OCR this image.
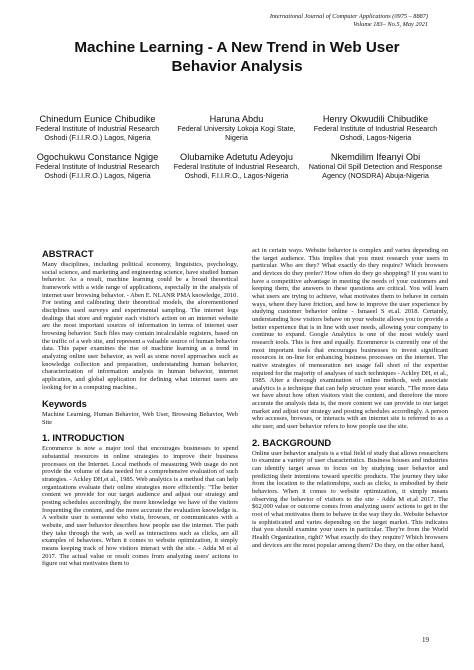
International Journal of Computer Applications (0975 – 8887)
Volume 183– No.5, May 2021
Machine Learning - A New Trend in Web User Behavior Analysis
Chinedum Eunice Chibudike
Federal Institute of Industrial Research Oshodi (F.I.I.R.O.) Lagos, Nigeria
Haruna Abdu
Federal University Lokoja Kogi State, Nigeria
Henry Okwudili Chibudike
Federal Institute of Industrial Research Oshodi, Lagos-Nigeria
Ogochukwu Constance Ngige
Federal Institute of Industrial Research Oshodi (F.I.I.R.O.) Lagos, Nigeria
Olubamike Adetutu Adeyoju
Federal Institute of Industrial Research, Oshodi, F.I.I.R.O., Lagos-Nigeria
Nkemdilim Ifeanyi Obi
National Oil Spill Detection and Response Agency (NOSDRA) Abuja-Nigeria
ABSTRACT

Many disciplines, including political economy, linguistics, psychology, social science, and marketing and engineering science, have studied human behavior. As a result, machine learning could be a broad theoretical framework with a wide range of applications, especially in the analysis of internet user browsing behavior. - Aben E. NLANR PMA knowledge, 2010. For testing and calibrating their theoretical models, the aforementioned disciplines used surveys and experimental sampling. The internet logs dealings that store and register each visitor's action on an internet website are the most important sources of information in terms of internet user browsing behavior. Such files may contain incalculable registers, based on the traffic of a web site, and represent a valuable source of human behavior data. This paper examines the rise of machine learning as a trend in analyzing online user behavior, as well as some novel approaches such as knowledge collection and preparation, understanding human behavior, characterization of information analysis in human behavior, internet application, and global application for defining what internet users are looking for in a computing machine..

Keywords

Machine Learning, Human Behavior, Web User, Browsing Behavior, Web Site

1. INTRODUCTION

Ecommerce is now a major tool that encourages businesses to spend substantial resources in online strategies to improve their business processes on the Internet. Local methods of measuring Web usage do not provide the volume of data needed for a comprehensive evaluation of such strategies. - Ackley DH,et al., 1985. Web analytics is a method that can help organizations evaluate their online strategies more efficiently. "The better content we provide for our target audience and adjust our strategy and posting schedules accordingly, the more knowledge we have of the visitors frequenting the content, and the more accurate the evaluation knowledge is. A website user is someone who visits, browses, or communicates with a website, and user behavior describes how people use the internet. The path they take through the web, as well as interactions such as clicks, are all examples of behaviors. When it comes to website optimization, it simply means keeping track of how visitors interact with the site. - Adda M et al 2017. The actual value or result comes from analyzing users' actions to figure out what motivates them to

act in certain ways. Website behavior is complex and varies depending on the target audience. This implies that you must research your users in particular. Who are they? What exactly do they require? Which browsers and devices do they prefer? How often do they go shopping? If you want to have a competitive advantage in meeting the needs of your customers and keeping them, the answers to these questions are critical. You will learn what users are trying to achieve, what motivates them to behave in certain ways, where they have friction, and how to improve the user experience by studying customer behavior online - Ismaeel S et.al. 2018. Certainly, understanding how visitors behave on your website allows you to provide a better experience that is in line with user needs, allowing your company to continue to expand. Google Analytics is one of the most widely used research tools. This is free and equally. Ecommerce is currently one of the most important tools that encourages businesses to invest significant resources in on-line for enhancing business processes on the internet. The native strategies of mensuration net usage fall short of the expertise required for the majority of analyses of such techniques - Ackley DH, et al., 1985. After a thorough examination of online methods, web associate analytics is a technique that can help structure your search. "The more data we have about how often visitors visit the content, and therefore the more accurate the analysis data is, the more content we can provide to our target market and adjust our strategy and posting schedules accordingly. A person who accesses, browses, or interacts with an internet site is referred to as a site user, and user behavior refers to how people use the site.

2. BACKGROUND

Online user behavior analysis is a vital field of study that allows researchers to examine a variety of user characteristics. Business houses and industries can identify target areas to focus on by studying user behavior and predicting their intentions toward specific products. The journey they take from the location to the relationships, such as clicks, is embodied by their behaviors. When it comes to website optimization, it simply means observing the behavior of visitors to the site - Adda M et.al 2017. The $62,000 value or outcome comes from analyzing users' actions to get to the root of what motivates them to behave in the way they do. Website behavior is sophisticated and varies depending on the target market. This indicates that you should examine your users in particular. They're from the World Health Organization, right? What exactly do they require? Which browsers and devices are the most popular among them? Do they, on the other hand,

19
